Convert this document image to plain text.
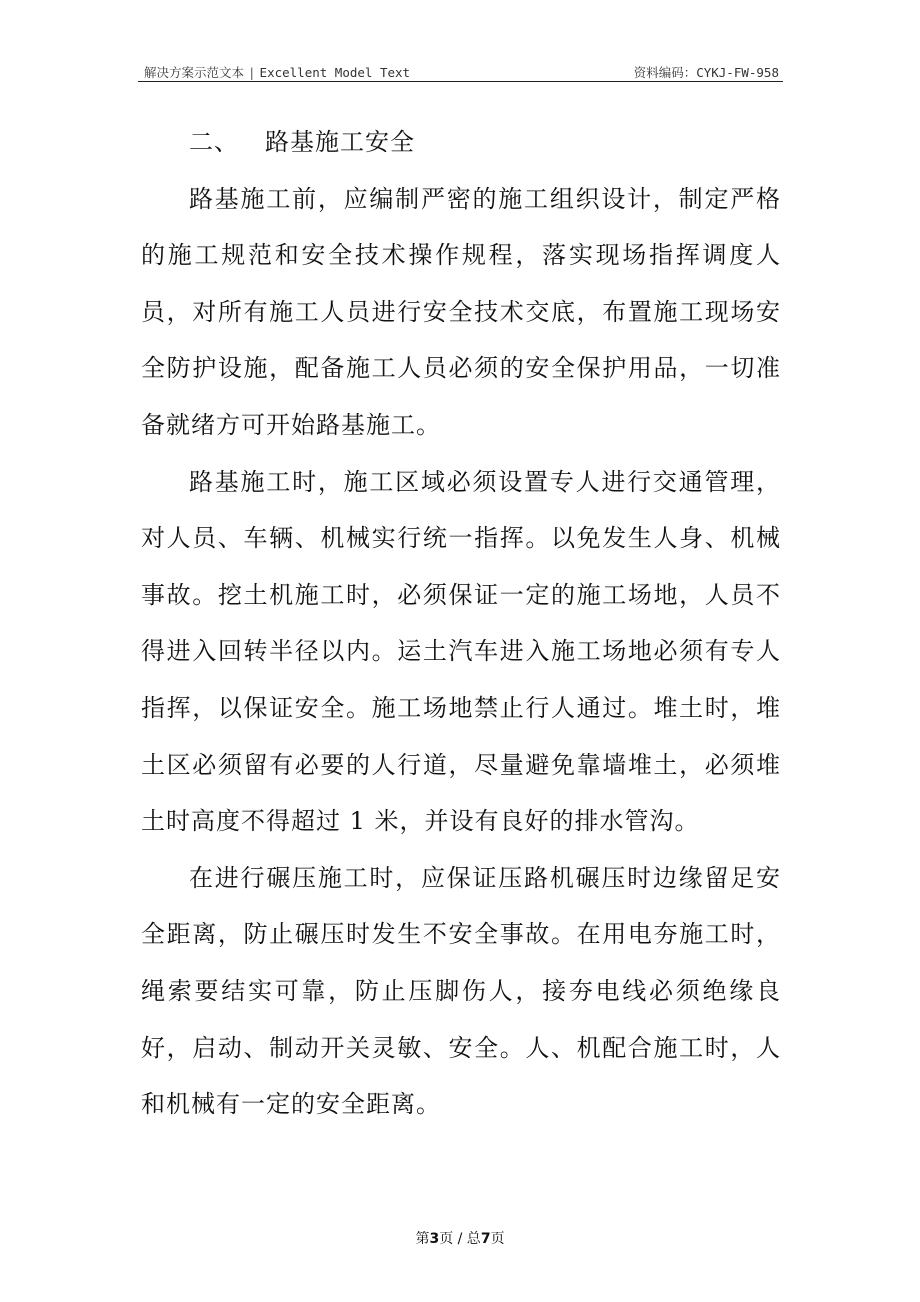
解决方案示范文本 | Excellent Model Text	资料编码：CYKJ-FW-958

二、 路基施工安全

路基施工前，应编制严密的施工组织设计，制定严格的施工规范和安全技术操作规程，落实现场指挥调度人员，对所有施工人员进行安全技术交底，布置施工现场安全防护设施，配备施工人员必须的安全保护用品，一切准备就绪方可开始路基施工。

路基施工时，施工区域必须设置专人进行交通管理，对人员、车辆、机械实行统一指挥。以免发生人身、机械事故。挖土机施工时，必须保证一定的施工场地，人员不得进入回转半径以内。运土汽车进入施工场地必须有专人指挥，以保证安全。施工场地禁止行人通过。堆土时，堆土区必须留有必要的人行道，尽量避免靠墙堆土，必须堆土时高度不得超过 1 米，并设有良好的排水管沟。

在进行碾压施工时，应保证压路机碾压时边缘留足安全距离，防止碾压时发生不安全事故。在用电夯施工时，绳索要结实可靠，防止压脚伤人，接夯电线必须绝缘良好，启动、制动开关灵敏、安全。人、机配合施工时，人和机械有一定的安全距离。

第3页 / 总7页
